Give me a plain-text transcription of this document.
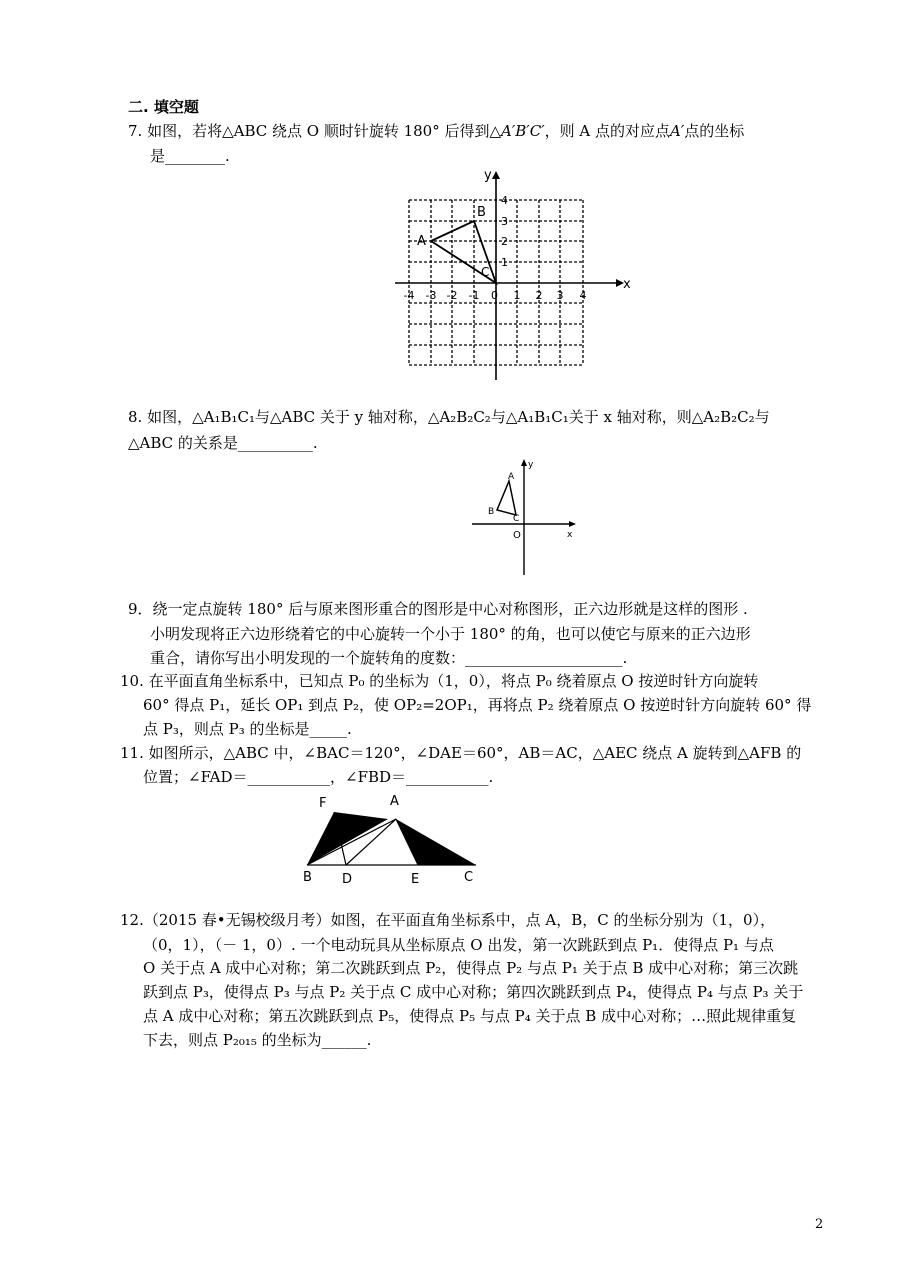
二. 填空题
7. 如图，若将△ABC 绕点 O 顺时针旋转 180° 后得到△A′B′C′，则 A 点的对应点A′点的坐标
是________.
x
y
0
-4 -3 -2 -1	1 2 3 4
1
2
3
4
A
B
C
8. 如图，△A₁B₁C₁与△ABC 关于 y 轴对称，△A₂B₂C₂与△A₁B₁C₁关于 x 轴对称，则△A₂B₂C₂与
△ABC 的关系是__________.
x
y
O
A
B
C
9．绕一定点旋转 180° 后与原来图形重合的图形是中心对称图形，正六边形就是这样的图形 .
小明发现将正六边形绕着它的中心旋转一个小于 180° 的角，也可以使它与原来的正六边形
重合，请你写出小明发现的一个旋转角的度数：_____________________.
10. 在平面直角坐标系中，已知点 P₀ 的坐标为（1，0），将点 P₀ 绕着原点 O 按逆时针方向旋转
60° 得点 P₁，延长 OP₁ 到点 P₂，使 OP₂=2OP₁，再将点 P₂ 绕着原点 O 按逆时针方向旋转 60° 得
点 P₃，则点 P₃ 的坐标是_____.
11. 如图所示，△ABC 中，∠BAC＝120°，∠DAE＝60°，AB＝AC，△AEC 绕点 A 旋转到△AFB 的
位置；∠FAD＝___________，∠FBD＝___________.
F	A
B D	E	C
12.（2015 春•无锡校级月考）如图，在平面直角坐标系中，点 A，B，C 的坐标分别为（1，0），
（0，1），（－ 1，0）. 一个电动玩具从坐标原点 O 出发，第一次跳跃到点 P₁．使得点 P₁ 与点
O 关于点 A 成中心对称；第二次跳跃到点 P₂，使得点 P₂ 与点 P₁ 关于点 B 成中心对称；第三次跳
跃到点 P₃，使得点 P₃ 与点 P₂ 关于点 C 成中心对称；第四次跳跃到点 P₄，使得点 P₄ 与点 P₃ 关于
点 A 成中心对称；第五次跳跃到点 P₅，使得点 P₅ 与点 P₄ 关于点 B 成中心对称；…照此规律重复
下去，则点 P₂₀₁₅ 的坐标为______.
2
